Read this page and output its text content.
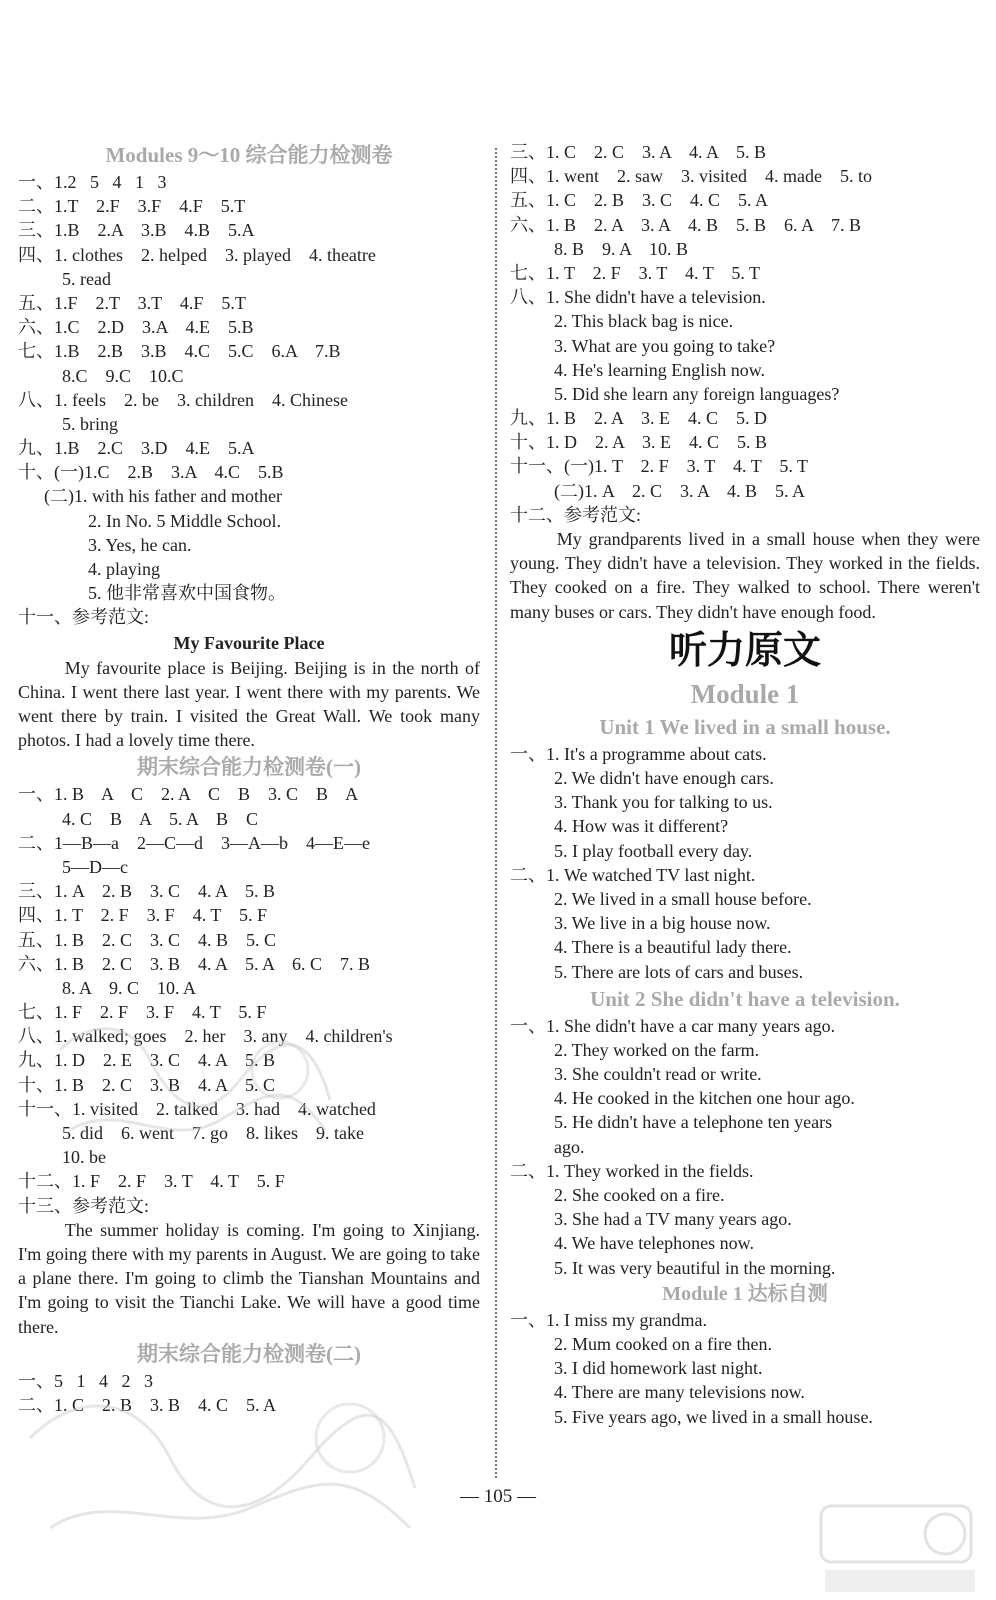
Modules 9～10 综合能力检测卷
一、1.2   5   4   1   3
二、1.T    2.F    3.F    4.F    5.T
三、1.B    2.A    3.B    4.B    5.A
四、1. clothes    2. helped    3. played    4. theatre
5. read
五、1.F    2.T    3.T    4.F    5.T
六、1.C    2.D    3.A    4.E    5.B
七、1.B    2.B    3.B    4.C    5.C    6.A    7.B
8.C    9.C    10.C
八、1. feels    2. be    3. children    4. Chinese
5. bring
九、1.B    2.C    3.D    4.E    5.A
十、(一)1.C    2.B    3.A    4.C    5.B
(二)1. with his father and mother
2. In No. 5 Middle School.
3. Yes, he can.
4. playing
5. 他非常喜欢中国食物。
十一、参考范文:
My Favourite Place

My favourite place is Beijing. Beijing is in the north of China. I went there last year. I went there with my parents. We went there by train. I visited the Great Wall. We took many photos. I had a lovely time there.

期末综合能力检测卷(一)
一、1. B    A    C    2. A    C    B    3. C    B    A
4. C    B    A    5. A    B    C
二、1—B—a    2—C—d    3—A—b    4—E—e
5—D—c
三、1. A    2. B    3. C    4. A    5. B
四、1. T    2. F    3. F    4. T    5. F
五、1. B    2. C    3. C    4. B    5. C
六、1. B    2. C    3. B    4. A    5. A    6. C    7. B
8. A    9. C    10. A
七、1. F    2. F    3. F    4. T    5. F
八、1. walked; goes    2. her    3. any    4. children's
九、1. D    2. E    3. C    4. A    5. B
十、1. B    2. C    3. B    4. A    5. C
十一、1. visited    2. talked    3. had    4. watched
5. did    6. went    7. go    8. likes    9. take
10. be
十二、1. F    2. F    3. T    4. T    5. F
十三、参考范文:

The summer holiday is coming. I'm going to Xinjiang. I'm going there with my parents in August. We are going to take a plane there. I'm going to climb the Tianshan Mountains and I'm going to visit the Tianchi Lake. We will have a good time there.

期末综合能力检测卷(二)
一、5   1   4   2   3
二、1. C    2. B    3. B    4. C    5. A
三、1. C    2. C    3. A    4. A    5. B
四、1. went    2. saw    3. visited    4. made    5. to
五、1. C    2. B    3. C    4. C    5. A
六、1. B    2. A    3. A    4. B    5. B    6. A    7. B
8. B    9. A    10. B
七、1. T    2. F    3. T    4. T    5. T
八、1. She didn't have a television.
2. This black bag is nice.
3. What are you going to take?
4. He's learning English now.
5. Did she learn any foreign languages?
九、1. B    2. A    3. E    4. C    5. D
十、1. D    2. A    3. E    4. C    5. B
十一、(一)1. T    2. F    3. T    4. T    5. T
(二)1. A    2. C    3. A    4. B    5. A
十二、参考范文:

My grandparents lived in a small house when they were young. They didn't have a television. They worked in the fields. They cooked on a fire. They walked to school. There weren't many buses or cars. They didn't have enough food.

听力原文
Module 1
Unit 1 We lived in a small house.
一、1. It's a programme about cats.
2. We didn't have enough cars.
3. Thank you for talking to us.
4. How was it different?
5. I play football every day.
二、1. We watched TV last night.
2. We lived in a small house before.
3. We live in a big house now.
4. There is a beautiful lady there.
5. There are lots of cars and buses.
Unit 2 She didn't have a television.
一、1. She didn't have a car many years ago.
2. They worked on the farm.
3. She couldn't read or write.
4. He cooked in the kitchen one hour ago.
5. He didn't have a telephone ten years
ago.
二、1. They worked in the fields.
2. She cooked on a fire.
3. She had a TV many years ago.
4. We have telephones now.
5. It was very beautiful in the morning.
Module 1 达标自测
一、1. I miss my grandma.
2. Mum cooked on a fire then.
3. I did homework last night.
4. There are many televisions now.
5. Five years ago, we lived in a small house.
— 105 —
